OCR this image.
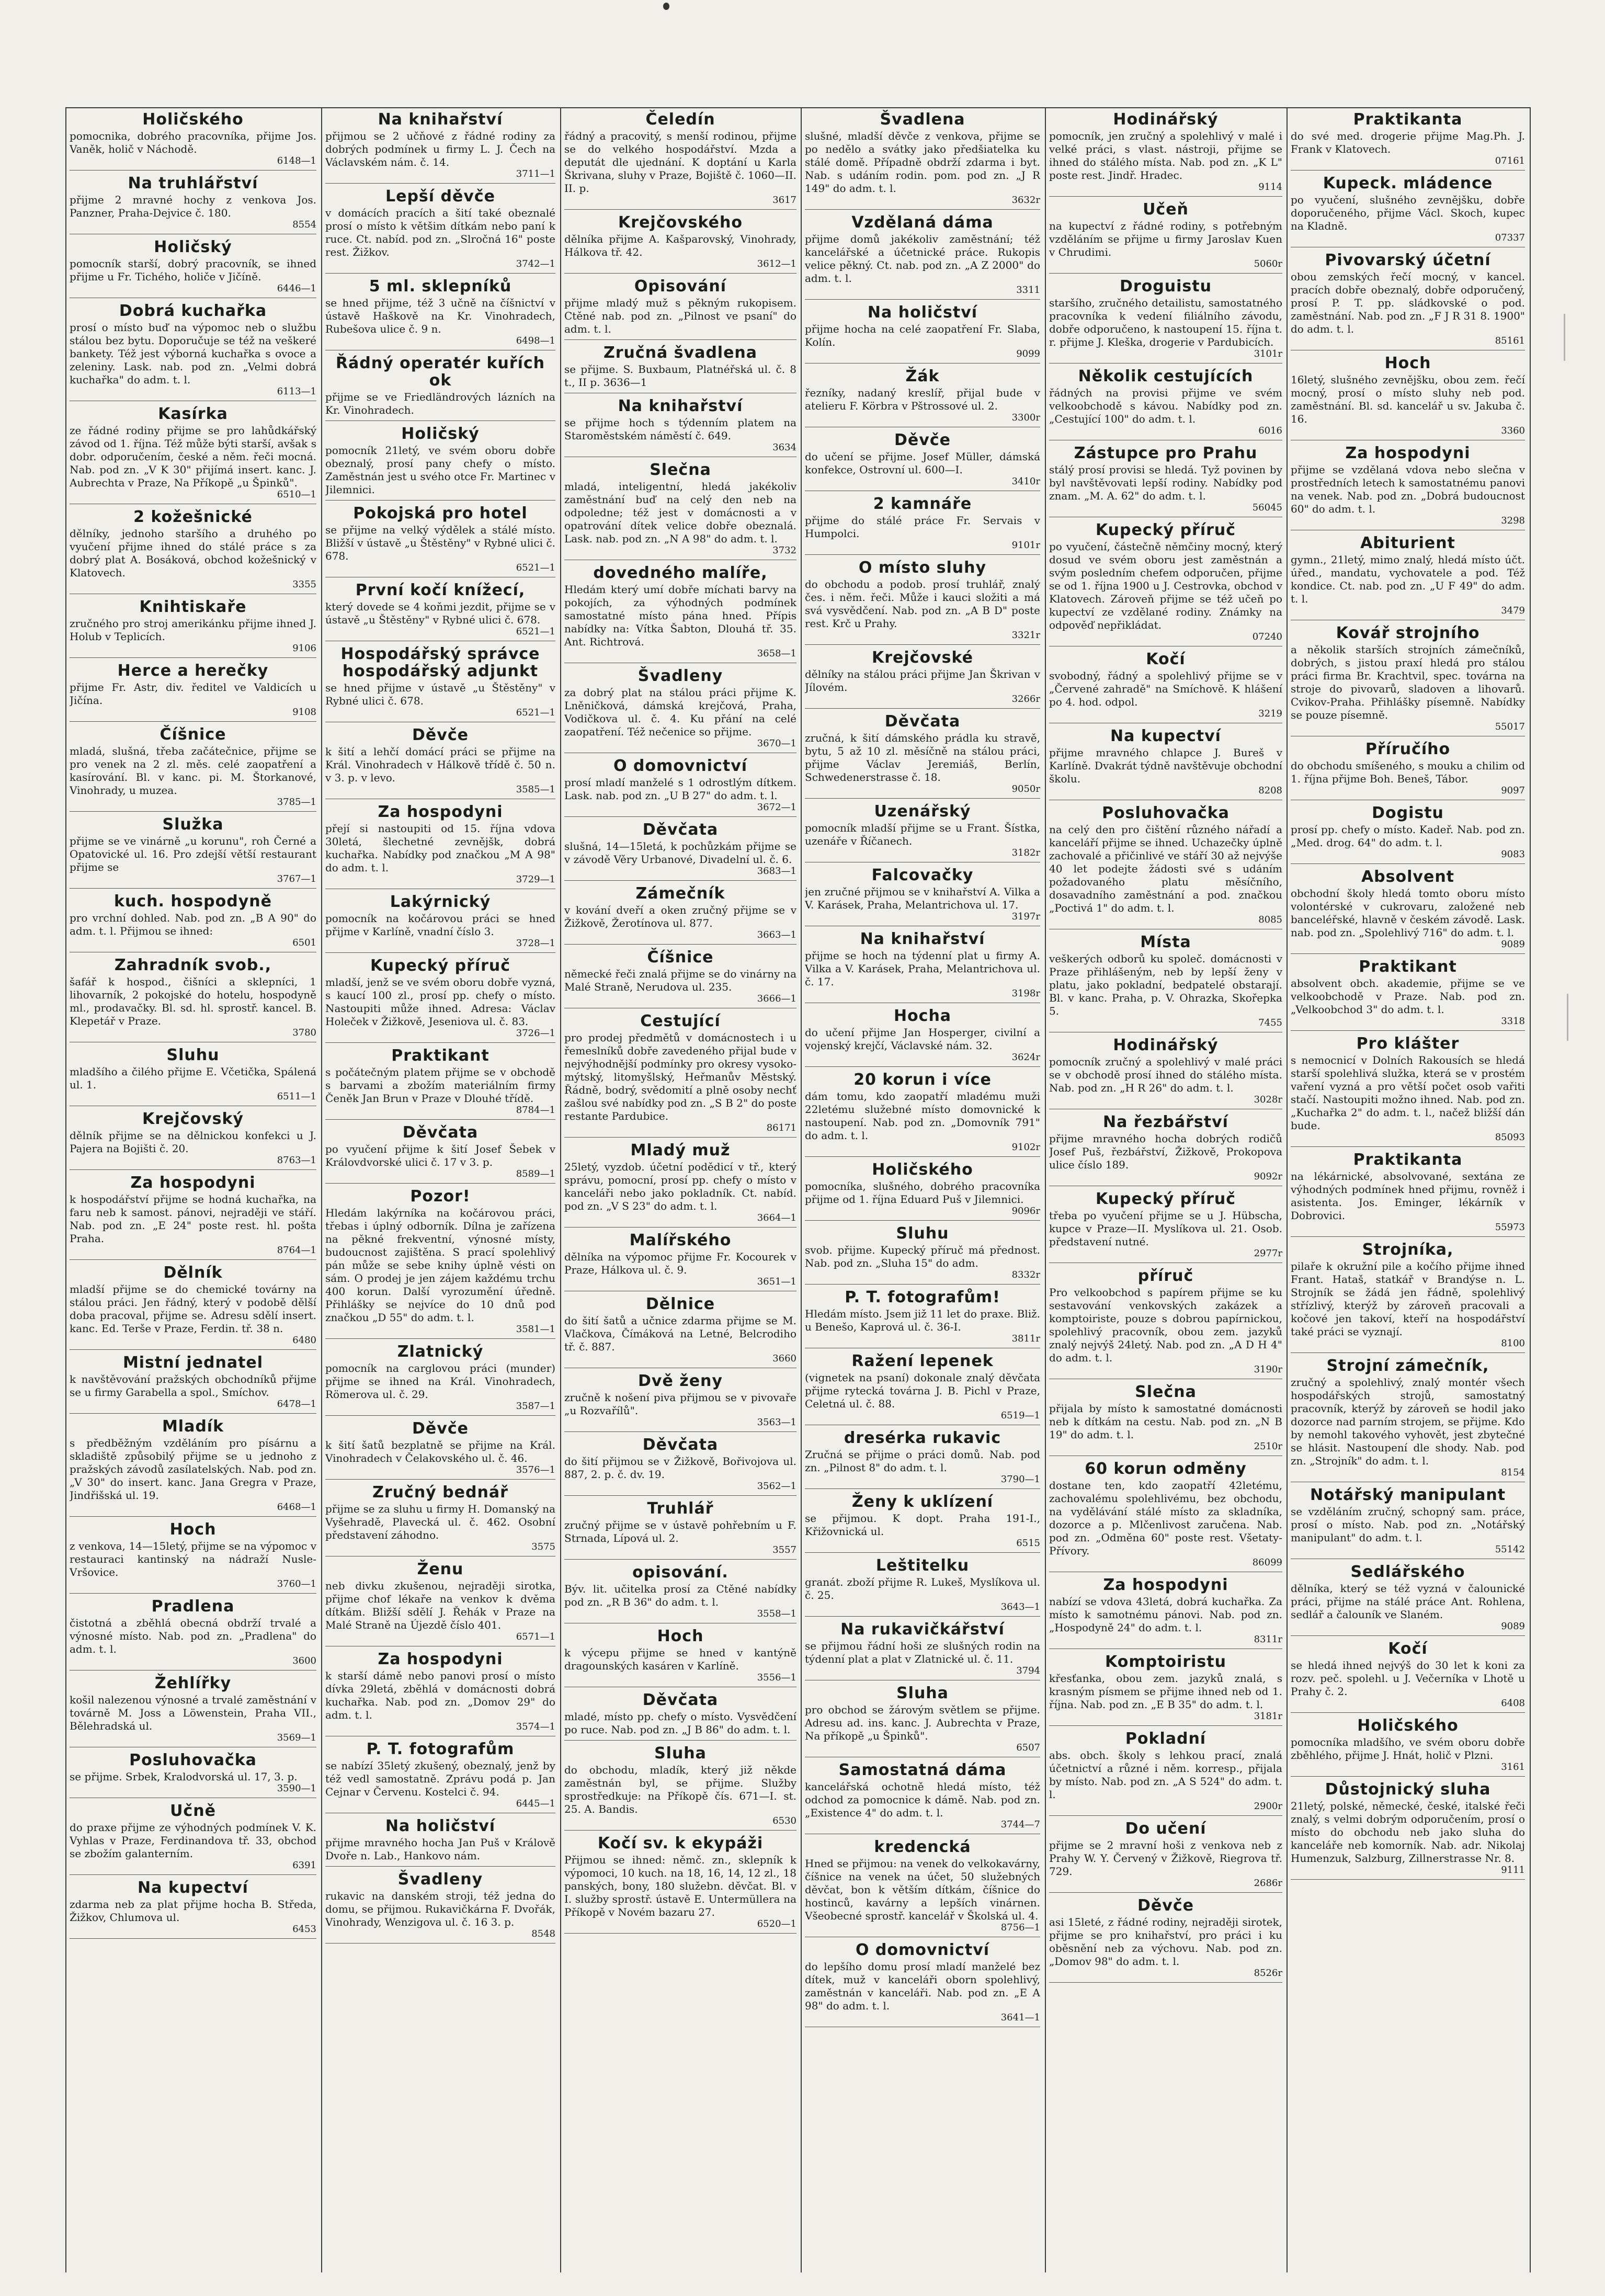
Holičského

pomocnika, dobrého pracovníka, přijme Jos. Vaněk, holič v Náchodě.

6148—1
Na truhlářství

přijme 2 mravné hochy z venkova Jos. Panzner, Praha-Dejvice č. 180.

8554
Holičský

pomocník starší, dobrý pracovník, se ihned přijme u Fr. Tichého, holiče v Jičíně.

6446—1
Dobrá kuchařka

prosí o místo buď na výpomoc neb o službu stálou bez bytu. Doporučuje se též na veškeré bankety. Též jest výborná kuchařka s ovoce a zeleniny. Lask. nab. pod zn. „Velmi dobrá kuchařka" do adm. t. l.

6113—1
Kasírka

ze řádné rodiny přijme se pro lahůdkářský závod od 1. října. Též může býti starší, avšak s dobr. odporučením, české a něm. řeči mocná. Nab. pod zn. „V K 30" přijímá insert. kanc. J. Aubrechta v Praze, Na Příkopě „u Špinků".

6510—1
2 kožešnické

dělníky, jednoho staršího a druhého po vyučení přijme ihned do stálé práce s za dobrý plat A. Bosáková, obchod kožešnický v Klatovech.

3355
Knihtiskaře

zručného pro stroj amerikánku přijme ihned J. Holub v Teplicích.

9106
Herce a herečky

přijme Fr. Astr, div. ředitel ve Valdicích u Jičína.

9108
Číšnice

mladá, slušná, třeba začátečnice, přijme se pro venek na 2 zl. měs. celé zaopatření a kasírování. Bl. v kanc. pi. M. Štorkanové, Vinohrady, u muzea.

3785—1
Služka

přijme se ve vinárně „u korunu", roh Černé a Opatovické ul. 16. Pro zdejší větší restaurant přijme se

3767—1
kuch. hospodyně

pro vrchní dohled. Nab. pod zn. „B A 90" do adm. t. l. Přijmou se ihned:

6501
Zahradník svob.,

šafář k hospod., čišníci a sklepníci, 1 lihovarník, 2 pokojské do hotelu, hospodyně ml., prodavačky. Bl. sd. hl. sprostř. kancel. B. Klepetář v Praze.

3780
Sluhu

mladšího a čilého přijme E. Včetička, Spálená ul. 1.

6511—1
Krejčovský

dělník přijme se na dělnickou konfekci u J. Pajera na Bojišti č. 20.

8763—1
Za hospodyni

k hospodářství přijme se hodná kuchařka, na faru neb k samost. pánovi, nejraději ve stáří. Nab. pod zn. „E 24" poste rest. hl. pošta Praha.

8764—1
Dělník

mladší přijme se do chemické továrny na stálou práci. Jen řádný, který v podobě dělší doba pracoval, přijme se. Adresu sdělí insert. kanc. Ed. Terše v Praze, Ferdin. tř. 38 n.

6480
Mistní jednatel

k navštěvování pražských obchodníků přijme se u firmy Garabella a spol., Smíchov.

6478—1
Mladík

s předběžným vzděláním pro písárnu a skladiště způsobilý přijme se u jednoho z pražských závodů zasílatelských. Nab. pod zn. „V 30" do insert. kanc. Jana Gregra v Praze, Jindřišská ul. 19.

6468—1
Hoch

z venkova, 14—15letý, přijme se na výpomoc v restauraci kantinský na nádraží Nusle-Vršovice.

3760—1
Pradlena

čistotná a zběhlá obecná obdrží trvalé a výnosné místo. Nab. pod zn. „Pradlena" do adm. t. l.

3600
Žehlířky

košil nalezenou výnosné a trvalé zaměstnání v továrně M. Joss a Löwenstein, Praha VII., Bělehradská ul.

3569—1
Posluhovačka

se přijme. Srbek, Kralodvorská ul. 17, 3. p.

3590—1
Učně

do praxe přijme ze výhodných podmínek V. K. Vyhlas v Praze, Ferdinandova tř. 33, obchod se zbožím galanterním.

6391
Na kupectví

zdarma neb za plat přijme hocha B. Středa, Žižkov, Chlumova ul.

6453
Na knihařství

přijmou se 2 učňové z řádné rodiny za dobrých podmínek u firmy L. J. Čech na Václavském nám. č. 14.

3711—1
Lepší děvče

v domácích pracích a šití také obeznalé prosí o místo k většim dítkám nebo paní k ruce. Ct. nabíd. pod zn. „Slročná 16" poste rest. Žižkov.

3742—1
5 ml. sklepníků

se hned přijme, též 3 učně na číšnictví v ústavě Haškově na Kr. Vinohradech, Rubešova ulice č. 9 n.

6498—1
Řádný operatér kuřích ok

přijme se ve Friedländrových lázních na Kr. Vinohradech.

Holičský

pomocník 21letý, ve svém oboru dobře obeznalý, prosí pany chefy o místo. Zaměstnán jest u svého otce Fr. Martinec v Jilemnici.

Pokojská pro hotel

se přijme na velký výdělek a stálé místo. Bližší v ústavě „u Štěstěny" v Rybné ulici č. 678.

6521—1
První kočí knížecí,

který dovede se 4 koňmi jezdit, přijme se v ústavě „u Štěstěny" v Rybné ulici č. 678.

6521—1
Hospodářský správce hospodářský adjunkt

se hned přijme v ústavě „u Štěstěny" v Rybné ulici č. 678.

6521—1
Děvče

k šití a lehčí domácí práci se přijme na Král. Vinohradech v Hálkově třídě č. 50 n. v 3. p. v levo.

3585—1
Za hospodyni

přejí si nastoupiti od 15. října vdova 30letá, šlechetné zevnějšk, dobrá kuchařka. Nabídky pod značkou „M A 98" do adm. t. l.

3729—1
Lakýrnický

pomocník na kočárovou práci se hned přijme v Karlíně, vnadní číslo 3.

3728—1
Kupecký příruč

mladší, jenž se ve svém oboru dobře vyzná, s kaucí 100 zl., prosí pp. chefy o místo. Nastoupiti může ihned. Adresa: Václav Holeček v Žižkově, Jeseniova ul. č. 83.

3726—1
Praktikant

s počátečným platem přijme se v obchodě s barvami a zbožím materiálním firmy Čeněk Jan Brun v Praze v Dlouhé třídě.

8784—1
Děvčata

po vyučení přijme k šití Josef Šebek v Královdvorské ulici č. 17 v 3. p.

8589—1
Pozor!

Hledám lakýrníka na kočárovou práci, třebas i úplný odborník. Dílna je zařízena na pěkné frekventní, výnosné místy, budoucnost zajištěna. S prací spolehlivý pán může se sebe knihy úplně vésti on sám. O prodej je jen zájem každému trchu 400 korun. Další vyrozumění úředně. Přihlášky se nejvíce do 10 dnů pod značkou „D 55" do adm. t. l.

3581—1
Zlatnický

pomocník na carglovou práci (munder) přijme se ihned na Král. Vinohradech, Römerova ul. č. 29.

3587—1
Děvče

k šití šatů bezplatně se přijme na Král. Vinohradech v Čelakovského ul. č. 46.

3576—1
Zručný bednář

přijme se za sluhu u firmy H. Domanský na Vyšehradě, Plavecká ul. č. 462. Osobní představení záhodno.

3575
Ženu

neb divku zkušenou, nejraději sirotka, přijme chof lékaře na venkov k dvěma dítkám. Bližší sdělí J. Řehák v Praze na Malé Straně na Újezdě číslo 401.

6571—1
Za hospodyni

k starší dámě nebo panovi prosí o místo dívka 29letá, zběhlá v domácnosti dobrá kuchařka. Nab. pod zn. „Domov 29" do adm. t. l.

3574—1
P. T. fotografům

se nabízí 35letý zkušený, obeznalý, jenž by též vedl samostatně. Zprávu podá p. Jan Cejnar v Červenu. Kostelci č. 94.

6445—1
Na holičství

přijme mravného hocha Jan Puš v Králově Dvoře n. Lab., Hankovo nám.

Švadleny

rukavic na danském stroji, též jedna do domu, se přijmou. Rukavičkárna F. Dvořák, Vinohrady, Wenzigova ul. č. 16 3. p.

8548
Čeledín

řádný a pracovitý, s menší rodinou, přijme se do velkého hospodářství. Mzda a deputát dle ujednání. K doptání u Karla Škrivana, sluhy v Praze, Bojiště č. 1060—II. II. p.

3617
Krejčovského

dělníka přijme A. Kašparovský, Vinohrady, Hálkova tř. 42.

3612—1
Opisování

přijme mladý muž s pěkným rukopisem. Ctěné nab. pod zn. „Pilnost ve psaní" do adm. t. l.

Zručná švadlena

se přijme. S. Buxbaum, Platnéřská ul. č. 8 t., II p. 3636—1

Na knihařství

se přijme hoch s týdenním platem na Staroměstském náměstí č. 649.

3634
Slečna

mladá, inteligentní, hledá jakékoliv zaměstnání buď na celý den neb na odpoledne; též jest v domácnosti a v opatrování dítek velice dobře obeznalá. Lask. nab. pod zn. „N A 98" do adm. t. l.

3732
dovedného malíře,

Hledám který umí dobře míchati barvy na pokojích, za výhodných podmínek samostatné místo pána hned. Přípis nabídky na: Vítka Šabton, Dlouhá tř. 35. Ant. Richtrová.

3658—1
Švadleny

za dobrý plat na stálou práci přijme K. Lněničková, dámská krejčová, Praha, Vodičkova ul. č. 4. Ku přání na celé zaopatření. Též nečenice so přijme.

3670—1
O domovnictví

prosí mladí manželé s 1 odrostlým dítkem. Lask. nab. pod zn. „U B 27" do adm. t. l.

3672—1
Děvčata

slušná, 14—15letá, k pochůzkám přijme se v závodě Věry Urbanové, Divadelní ul. č. 6.

3683—1
Zámečník

v kování dveří a oken zručný přijme se v Žižkově, Žerotínova ul. 877.

3663—1
Číšnice

německé řeči znalá přijme se do vinárny na Malé Straně, Nerudova ul. 235.

3666—1
Cestující

pro prodej předmětů v domácnostech i u řemeslníků dobře zavedeného přijal bude v nejvýhodnější podmínky pro okresy vysoko-mýtský, litomyšlský, Heřmanův Městský. Řádně, bodrý, svědomití a plně osoby nechť zašlou své nabídky pod zn. „S B 2" do poste restante Pardubice.

86171
Mladý muž

25letý, vyzdob. účetní podědicí v tř., který správu, pomocní, prosí pp. chefy o místo v kanceláři nebo jako pokladník. Ct. nabíd. pod zn. „V S 23" do adm. t. l.

3664—1
Malířského

dělníka na výpomoc přijme Fr. Kocourek v Praze, Hálkova ul. č. 9.

3651—1
Dělnice

do šití šatů a učnice zdarma přijme se M. Vlačkova, Čímáková na Letné, Belcrodiho tř. č. 887.

3660
Dvě ženy

zručně k nošení piva přijmou se v pivovaře „u Rozvařílů".

3563—1
Děvčata

do šití přijmou se v Žižkově, Bořivojova ul. 887, 2. p. č. dv. 19.

3562—1
Truhlář

zručný přijme se v ústavě pohřebním u F. Strnada, Lípová ul. 2.

3557
opisování.

Býv. lit. učitelka prosí za Ctěné nabídky pod zn. „R B 36" do adm. t. l.

3558—1
Hoch

k výcepu přijme se hned v kantýně dragounských kasáren v Karlíně.

3556—1
Děvčata

mladé, místo pp. chefy o místo. Vysvědčení po ruce. Nab. pod zn. „J B 86" do adm. t. l.

Sluha

do obchodu, mladík, který již někde zaměstnán byl, se přijme. Služby sprostředkuje: na Příkopě čís. 671—I. st. 25. A. Bandis.

6530
Kočí sv. k ekypáži

Přijmou se ihned: němč. zn., sklepník k výpomoci, 10 kuch. na 18, 16, 14, 12 zl., 18 panských, bony, 180 služebn. děvčat. Bl. v I. služby sprostř. ústavě E. Untermüllera na Příkopě v Novém bazaru 27.

6520—1
Švadlena

slušné, mladší děvče z venkova, přijme se po nedělo a svátky jako předšiatelka ku stálé domě. Případně obdrží zdarma i byt. Nab. s udáním rodin. pom. pod zn. „J R 149" do adm. t. l.

3632r
Vzdělaná dáma

přijme domů jakékoliv zaměstnání; též kancelářské a účetnické práce. Rukopis velice pěkný. Ct. nab. pod zn. „A Z 2000" do adm. t. l.

3311
Na holičství

přijme hocha na celé zaopatření Fr. Slaba, Kolín.

9099
Žák

řezníky, nadaný kreslíř, přijal bude v atelieru F. Körbra v Pštrossové ul. 2.

3300r
Děvče

do učení se přijme. Josef Müller, dámská konfekce, Ostrovní ul. 600—I.

3410r
2 kamnáře

přijme do stálé práce Fr. Servais v Humpolci.

9101r
O místo sluhy

do obchodu a podob. prosí truhlář, znalý čes. i něm. řeči. Může i kauci složiti a má svá vysvědčení. Nab. pod zn. „A B D" poste rest. Krč u Prahy.

3321r
Krejčovské

dělníky na stálou práci přijme Jan Škrivan v Jílovém.

3266r
Děvčata

zručná, k šití dámského prádla ku stravě, bytu, 5 až 10 zl. měsíčně na stálou práci, přijme Václav Jeremiáš, Berlín, Schwedenerstrasse č. 18.

9050r
Uzenářský

pomocník mladší přijme se u Frant. Šístka, uzenáře v Říčanech.

3182r
Falcovačky

jen zručné přijmou se v knihařství A. Vilka a V. Karásek, Praha, Melantrichova ul. 17.

3197r
Na knihařství

přijme se hoch na týdenní plat u firmy A. Vilka a V. Karásek, Praha, Melantrichova ul. č. 17.

3198r
Hocha

do učení přijme Jan Hosperger, civilní a vojenský krejčí, Václavské nám. 32.

3624r
20 korun i více

dám tomu, kdo zaopatří mladému muži 22letému služebné místo domovnické k nastoupení. Nab. pod zn. „Domovník 791" do adm. t. l.

9102r
Holičského

pomocníka, slušného, dobrého pracovníka přijme od 1. října Eduard Puš v Jilemnici.

9096r
Sluhu

svob. přijme. Kupecký příruč má přednost. Nab. pod zn. „Sluha 15" do adm.

8332r
P. T. fotografům!

Hledám místo. Jsem již 11 let do praxe. Bliž. u Benešo, Kaprová ul. č. 36-I.

3811r
Ražení lepenek

(vignetek na psaní) dokonale znalý děvčata přijme rytecká továrna J. B. Pichl v Praze, Celetná ul. č. 88.

6519—1
dresérka rukavic

Zručná se přijme o práci domů. Nab. pod zn. „Pilnost 8" do adm. t. l.

3790—1
Ženy k uklízení

se přijmou. K dopt. Praha 191-I., Křižovnická ul.

6515
Leštitelku

granát. zboží přijme R. Lukeš, Myslíkova ul. č. 25.

3643—1
Na rukavičkářství

se přijmou řádní hoši ze slušných rodin na týdenní plat a plat v Zlatnické ul. č. 11.

3794
Sluha

pro obchod se žárovým světlem se přijme. Adresu ad. ins. kanc. J. Aubrechta v Praze, Na příkopě „u Špinků".

6507
Samostatná dáma

kancelářská ochotně hledá místo, též odchod za pomocnice k dámě. Nab. pod zn. „Existence 4" do adm. t. l.

3744—7
kredencká

Hned se přijmou: na venek do velkokavárny, číšnice na venek na účet, 50 služebných děvčat, bon k větším dítkám, číšnice do hostinců, kavárny a lepších vinárnen. Všeobecné sprostř. kancelář v Školská ul. 4.

8756—1
O domovnictví

do lepšího domu prosí mladí manželé bez dítek, muž v kanceláři oborn spolehlivý, zaměstnán v kanceláři. Nab. pod zn. „E A 98" do adm. t. l.

3641—1
Hodinářský

pomocník, jen zručný a spolehlivý v malé i velké práci, s vlast. nástroji, přijme se ihned do stálého místa. Nab. pod zn. „K L" poste rest. Jindř. Hradec.

9114
Učeň

na kupectví z řádné rodiny, s potřebným vzděláním se přijme u firmy Jaroslav Kuen v Chrudimi.

5060r
Droguistu

staršího, zručného detailistu, samostatného pracovníka k vedení filiálního závodu, dobře odporučeno, k nastoupení 15. října t. r. přijme J. Kleška, drogerie v Pardubicích.

3101r
Několik cestujících

řádných na provisi přijme ve svém velkoobchodě s kávou. Nabídky pod zn. „Cestující 100" do adm. t. l.

6016
Zástupce pro Prahu

stálý prosí provisi se hledá. Tyž povinen by byl navštěvovati lepší rodiny. Nabídky pod znam. „M. A. 62" do adm. t. l.

56045
Kupecký příruč

po vyučení, částečně němčiny mocný, který dosud ve svém oboru jest zaměstnán a svým posledním chefem odporučen, přijme se od 1. října 1900 u J. Cestrovka, obchod v Klatovech. Zároveň přijme se též učeň po kupectví ze vzdělané rodiny. Známky na odpověď nepřikládat.

07240
Kočí

svobodný, řádný a spolehlivý přijme se v „Červené zahradě" na Smíchově. K hlášení po 4. hod. odpol.

3219
Na kupectví

přijme mravného chlapce J. Bureš v Karlíně. Dvakrát týdně navštěvuje obchodní školu.

8208
Posluhovačka

na celý den pro čištění různého nářadí a kanceláří přijme se ihned. Uchazečky úplně zachovalé a přičinlivé ve stáří 30 až nejvýše 40 let podejte žádosti své s udáním požadovaného platu měsíčního, dosavadního zaměstnání a pod. značkou „Poctivá 1" do adm. t. l.

8085
Místa

veškerých odborů ku společ. domácnosti v Praze přihlášeným, neb by lepší ženy v platu, jako pokladní, bedpatelé obstarají. Bl. v kanc. Praha, p. V. Ohrazka, Skořepka 5.

7455
Hodinářský

pomocník zručný a spolehlivý v malé práci se v obchodě prosí ihned do stálého místa. Nab. pod zn. „H R 26" do adm. t. l.

3028r
Na řezbářství

přijme mravného hocha dobrých rodičů Josef Puš, řezbářství, Žižkově, Prokopova ulice číslo 189.

9092r
Kupecký příruč

třeba po vyučení přijme se u J. Hübscha, kupce v Praze—II. Myslíkova ul. 21. Osob. představení nutné.

2977r
příruč

Pro velkoobchod s papírem přijme se ku sestavování venkovských zakázek a komptoiriste, pouze s dobrou papírnickou, spolehlivý pracovník, obou zem. jazyků znalý nejvýš 24letý. Nab. pod zn. „A D H 4" do adm. t. l.

3190r
Slečna

přijala by místo k samostatné domácnosti neb k dítkám na cestu. Nab. pod zn. „N B 19" do adm. t. l.

2510r
60 korun odměny

dostane ten, kdo zaopatří 42letému, zachovalému spolehlivému, bez obchodu, na vydělávání stálé místo za skladníka, dozorce a p. Mlčenlivost zaručena. Nab. pod zn. „Odměna 60" poste rest. Všetaty-Přívory.

86099
Za hospodyni

nabízí se vdova 43letá, dobrá kuchařka. Za místo k samotnému pánovi. Nab. pod zn. „Hospodyně 24" do adm. t. l.

8311r
Komptoiristu

křesťanka, obou zem. jazyků znalá, s krasným písmem se přijme ihned neb od 1. října. Nab. pod zn. „E B 35" do adm. t. l.

3181r
Pokladní

abs. obch. školy s lehkou prací, znalá účetnictví a různé i něm. korresp., přijala by místo. Nab. pod zn. „A S 524" do adm. t. l.

2900r
Do učení

přijme se 2 mravní hoši z venkova neb z Prahy W. Y. Červený v Žižkově, Riegrova tř. 729.

2686r
Děvče

asi 15leté, z řádné rodiny, nejraději sirotek, přijme se pro knihařství, pro práci i ku oběsnění neb za výchovu. Nab. pod zn. „Domov 98" do adm. t. l.

8526r
Praktikanta

do své med. drogerie přijme Mag.Ph. J. Frank v Klatovech.

07161
Kupeck. mládence

po vyučení, slušného zevnějšku, dobře doporučeného, přijme Václ. Skoch, kupec na Kladně.

07337
Pivovarský účetní

obou zemských řečí mocný, v kancel. pracích dobře obeznalý, dobře odporučený, prosí P. T. pp. sládkovské o pod. zaměstnání. Nab. pod zn. „F J R 31 8. 1900" do adm. t. l.

85161
Hoch

16letý, slušného zevnějšku, obou zem. řečí mocný, prosí o místo sluhy neb pod. zaměstnání. Bl. sd. kancelář u sv. Jakuba č. 16.

3360
Za hospodyni

přijme se vzdělaná vdova nebo slečna v prostředních letech k samostatnému panovi na venek. Nab. pod zn. „Dobrá budoucnost 60" do adm. t. l.

3298
Abiturient

gymn., 21letý, mimo znalý, hledá místo účt. úřed., mandatu, vychovatele a pod. Též kondice. Ct. nab. pod zn. „U F 49" do adm. t. l.

3479
Kovář strojního

a několik starších strojních zámečníků, dobrých, s jistou praxí hledá pro stálou práci firma Br. Krachtvil, spec. továrna na stroje do pivovarů, sladoven a lihovarů. Cvikov-Praha. Přihlášky písemně. Nabídky se pouze písemně.

55017
Příručího

do obchodu smíšeného, s mouku a chilim od 1. října přijme Boh. Beneš, Tábor.

9097
Dogistu

prosí pp. chefy o místo. Kadeř. Nab. pod zn. „Med. drog. 64" do adm. t. l.

9083
Absolvent

obchodní školy hledá tomto oboru místo volontérské v cukrovaru, založené neb banceléřské, hlavně v českém závodě. Lask. nab. pod zn. „Spolehlivý 716" do adm. t. l.

9089
Praktikant

absolvent obch. akademie, přijme se ve velkoobchodě v Praze. Nab. pod zn. „Velkoobchod 3" do adm. t. l.

3318
Pro klášter

s nemocnicí v Dolních Rakousích se hledá starší spolehlivá služka, která se v prostém vaření vyzná a pro větší počet osob vařiti stačí. Nastoupiti možno ihned. Nab. pod zn. „Kuchařka 2" do adm. t. l., načež bližší dán bude.

85093
Praktikanta

na lékárnické, absolvované, sextána ze výhodných podmínek hned přijmu, rovněž i asistenta. Jos. Eminger, lékárník v Dobrovici.

55973
Strojníka,

pilaře k okružní pile a kočího přijme ihned Frant. Hataš, statkář v Brandýse n. L. Strojník se žádá jen řádně, spolehlivý střízlivý, kterýž by zároveň pracovali a kočové jen takoví, kteří na hospodářství také práci se vyznají.

8100
Strojní zámečník,

zručný a spolehlivý, znalý montér všech hospodářských strojů, samostatný pracovník, kterýž by zároveň se hodil jako dozorce nad parním strojem, se přijme. Kdo by nemohl takového vyhovět, jest zbytečné se hlásit. Nastoupení dle shody. Nab. pod zn. „Strojník" do adm. t. l.

8154
Notářský manipulant

se vzděláním zručný, schopný sam. práce, prosí o místo. Nab. pod zn. „Notářský manipulant" do adm. t. l.

55142
Sedlářského

dělníka, který se též vyzná v čalounické práci, přijme na stálé práce Ant. Rohlena, sedlář a čalouník ve Slaném.

9089
Kočí

se hledá ihned nejvýš do 30 let k koni za rozv. peč. spolehl. u J. Večerníka v Lhotě u Prahy č. 2.

6408
Holičského

pomocníka mladšího, ve svém oboru dobře zběhlého, přijme J. Hnát, holič v Plzni.

3161
Důstojnický sluha

21letý, polské, německé, české, italské řeči znalý, s velmi dobrým odporučením, prosí o místo do obchodu neb jako sluha do kanceláře neb komorník. Nab. adr. Nikolaj Humenzuk, Salzburg, Zillnerstrasse Nr. 8.

9111
